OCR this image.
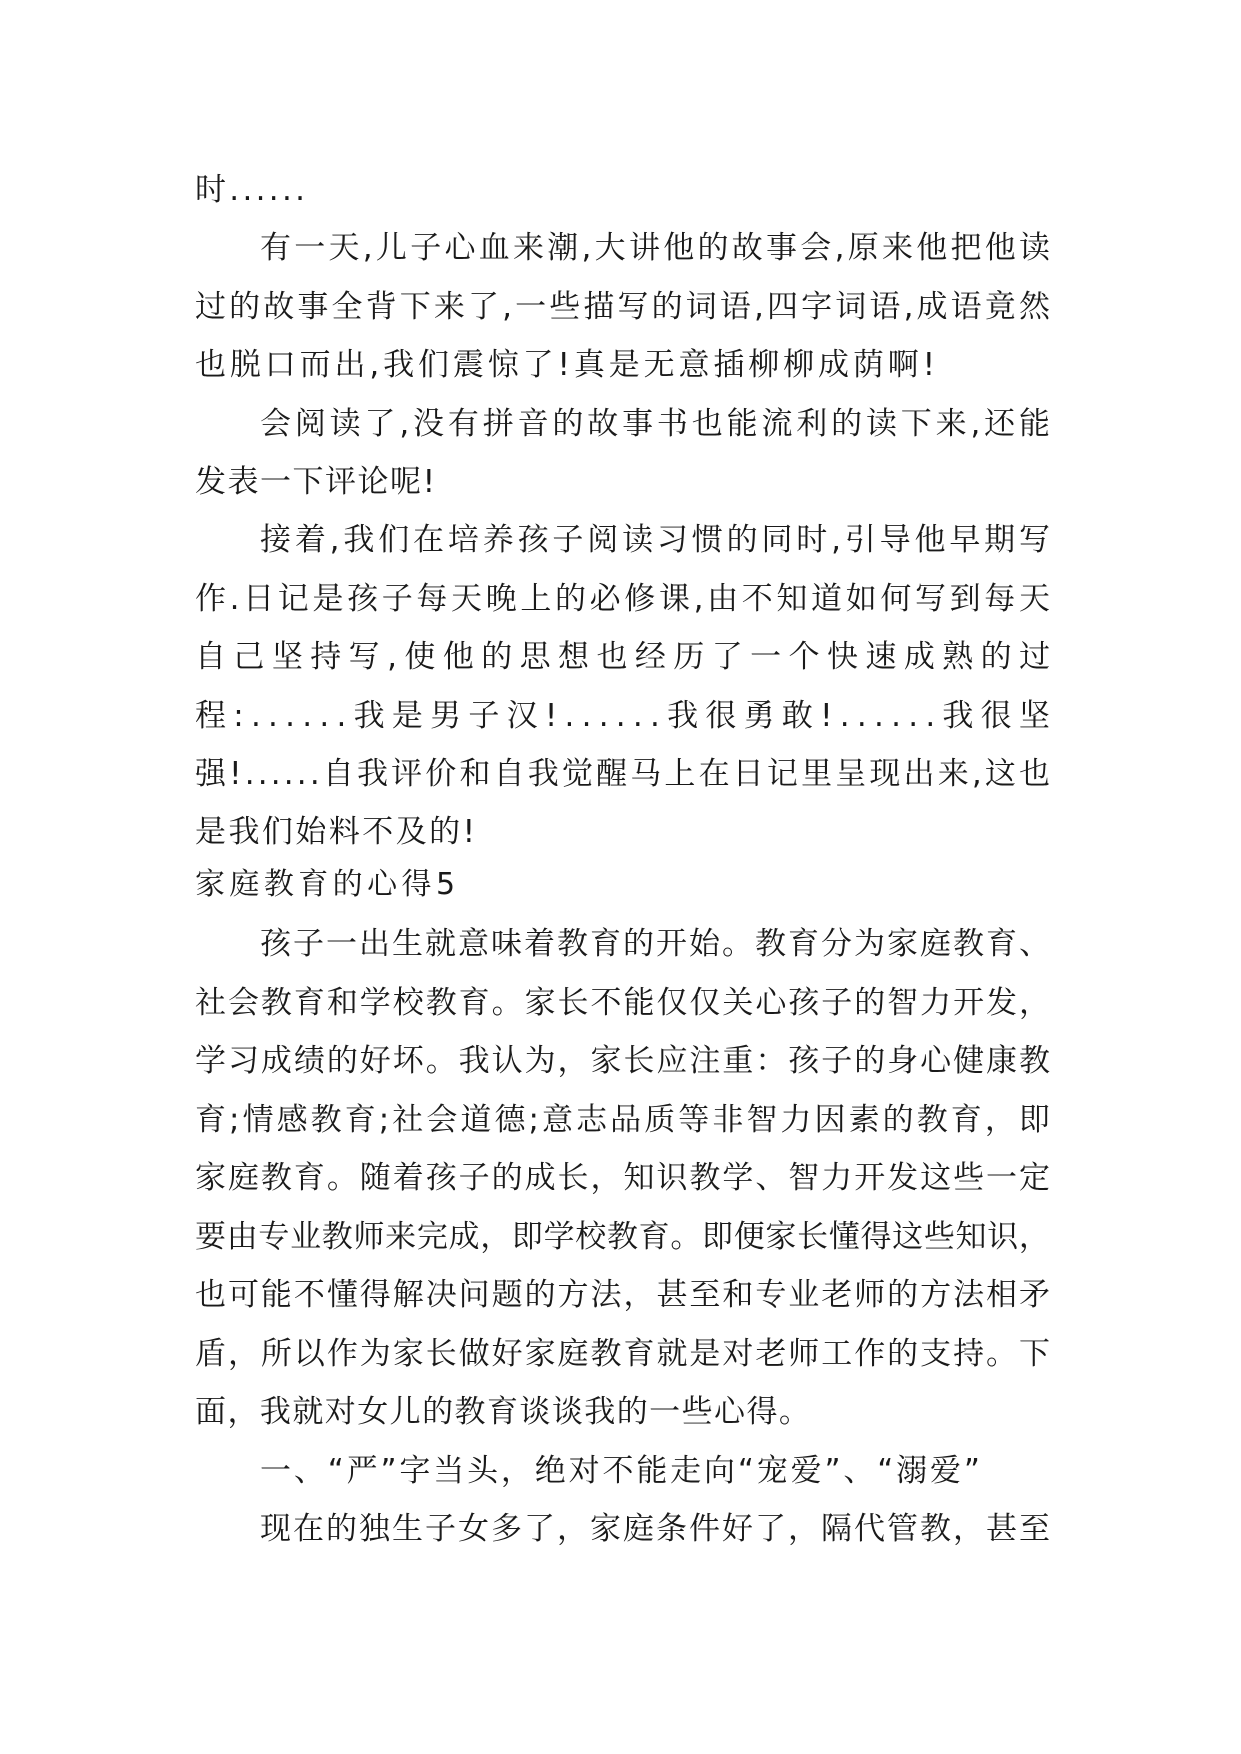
时......
有一天,儿子心血来潮,大讲他的故事会,原来他把他读
过的故事全背下来了,一些描写的词语,四字词语,成语竟然
也脱口而出,我们震惊了!真是无意插柳柳成荫啊!
会阅读了,没有拼音的故事书也能流利的读下来,还能
发表一下评论呢!
接着,我们在培养孩子阅读习惯的同时,引导他早期写
作.日记是孩子每天晚上的必修课,由不知道如何写到每天
自己坚持写,使他的思想也经历了一个快速成熟的过
程:......我是男子汉!......我很勇敢!......我很坚
强!......自我评价和自我觉醒马上在日记里呈现出来,这也
是我们始料不及的!
家庭教育的心得5
孩子一出生就意味着教育的开始。教育分为家庭教育、
社会教育和学校教育。家长不能仅仅关心孩子的智力开发，
学习成绩的好坏。我认为，家长应注重：孩子的身心健康教
育;情感教育;社会道德;意志品质等非智力因素的教育，即
家庭教育。随着孩子的成长，知识教学、智力开发这些一定
要由专业教师来完成，即学校教育。即便家长懂得这些知识，
也可能不懂得解决问题的方法，甚至和专业老师的方法相矛
盾，所以作为家长做好家庭教育就是对老师工作的支持。下
面，我就对女儿的教育谈谈我的一些心得。
一、“严”字当头，绝对不能走向“宠爱”、“溺爱”
现在的独生子女多了，家庭条件好了，隔代管教，甚至
